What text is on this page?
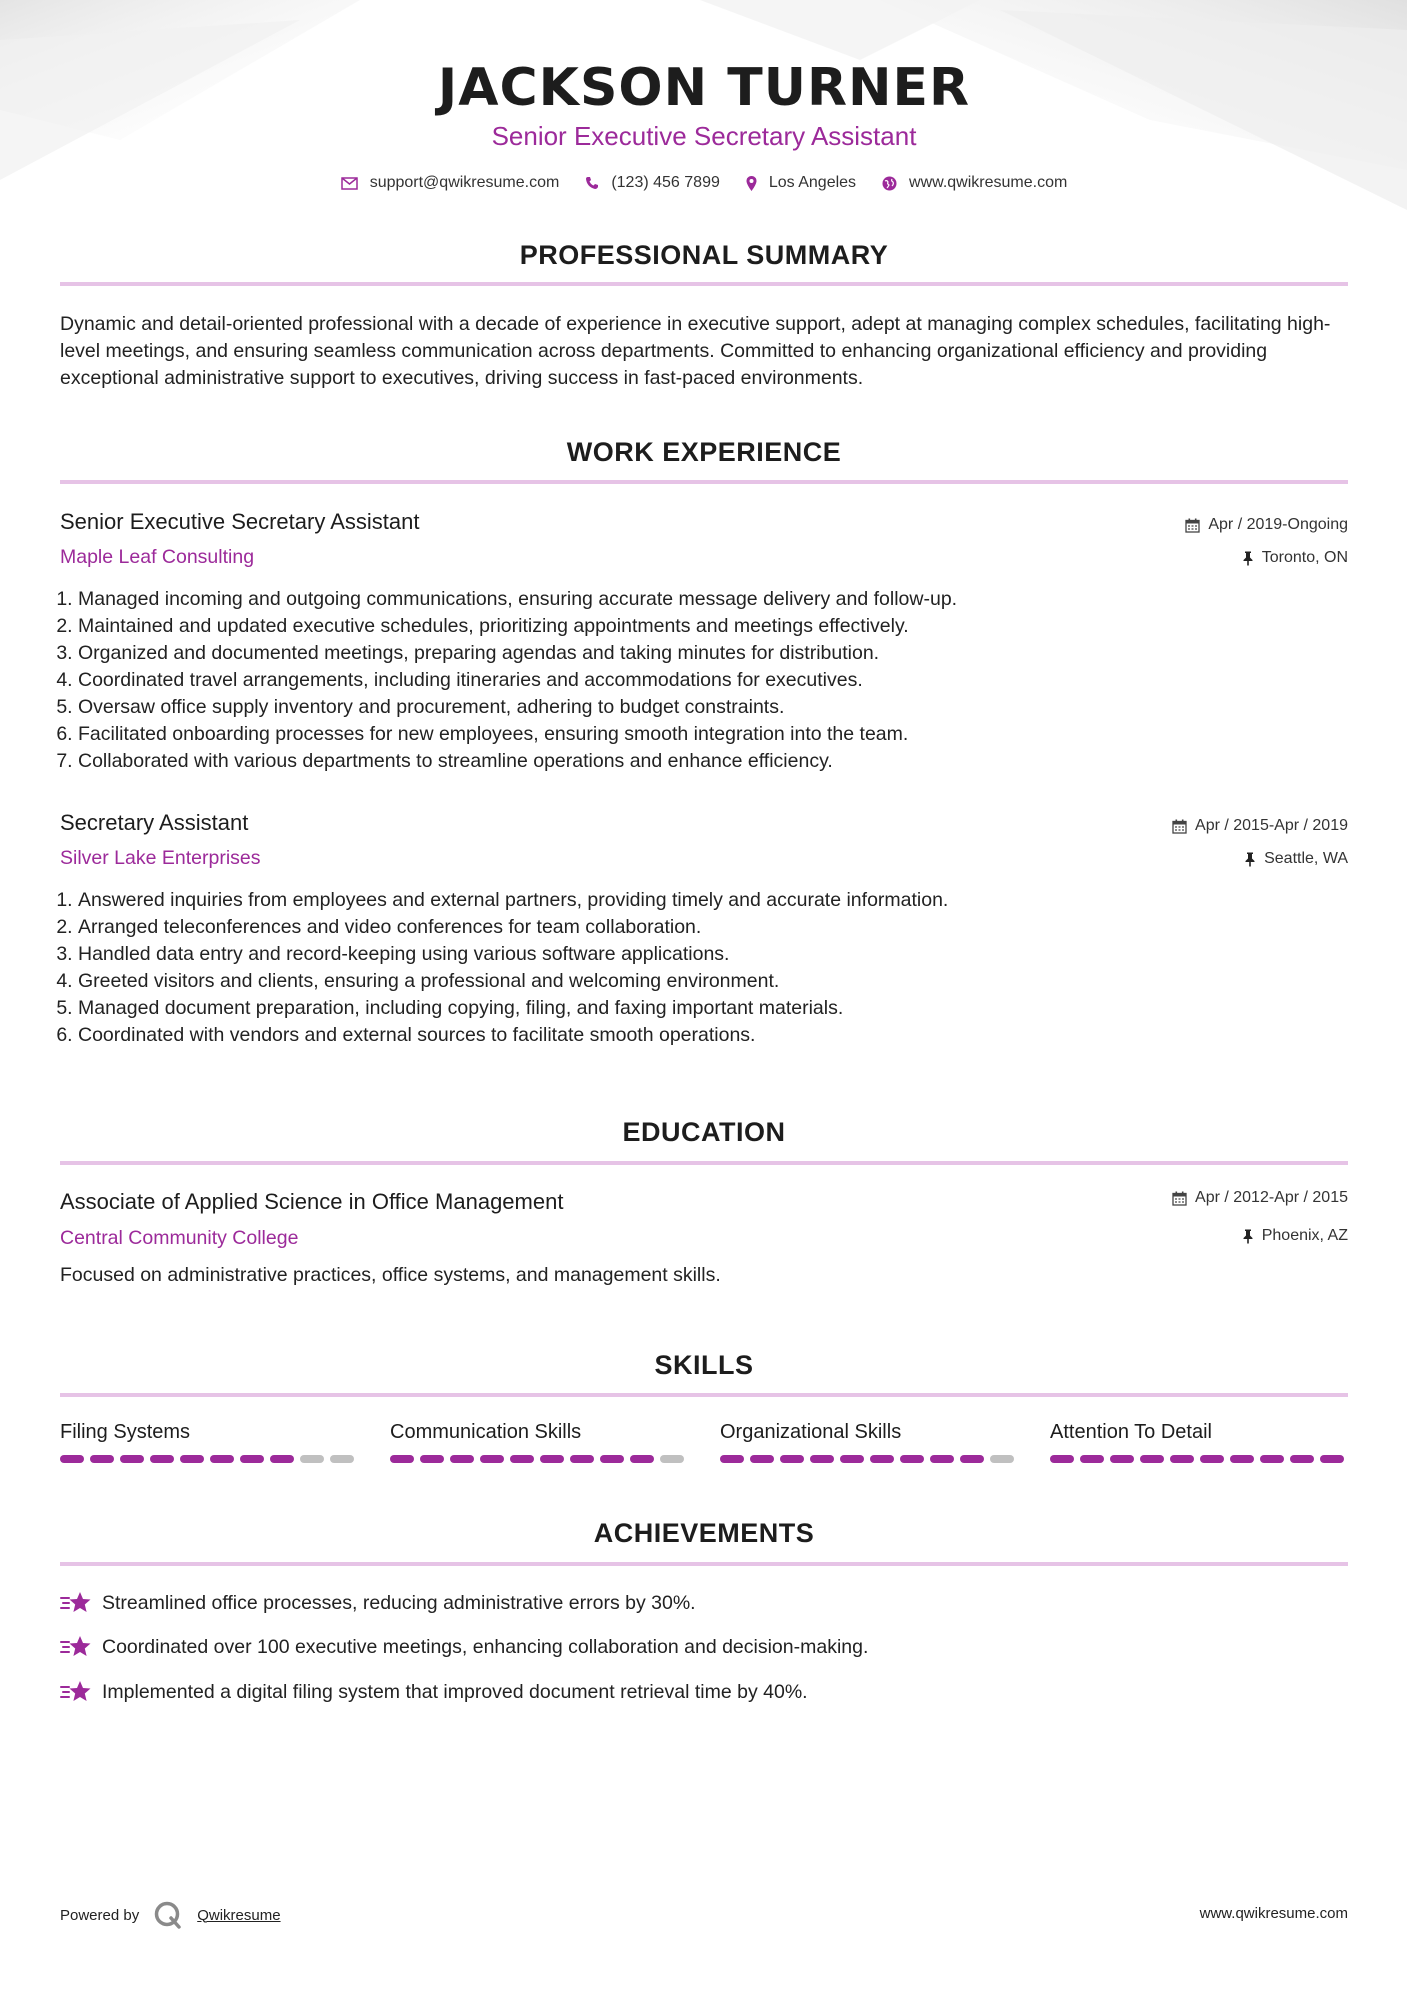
JACKSON TURNER
Senior Executive Secretary Assistant
support@qwikresume.com	(123) 456 7899	Los Angeles	www.qwikresume.com
PROFESSIONAL SUMMARY
Dynamic and detail-oriented professional with a decade of experience in executive support, adept at managing complex schedules, facilitating high-level meetings, and ensuring seamless communication across departments. Committed to enhancing organizational efficiency and providing exceptional administrative support to executives, driving success in fast-paced environments.
WORK EXPERIENCE
Senior Executive Secretary Assistant	Apr / 2019-Ongoing
Maple Leaf Consulting	Toronto, ON
1. Managed incoming and outgoing communications, ensuring accurate message delivery and follow-up.
2. Maintained and updated executive schedules, prioritizing appointments and meetings effectively.
3. Organized and documented meetings, preparing agendas and taking minutes for distribution.
4. Coordinated travel arrangements, including itineraries and accommodations for executives.
5. Oversaw office supply inventory and procurement, adhering to budget constraints.
6. Facilitated onboarding processes for new employees, ensuring smooth integration into the team.
7. Collaborated with various departments to streamline operations and enhance efficiency.
Secretary Assistant	Apr / 2015-Apr / 2019
Silver Lake Enterprises	Seattle, WA
1. Answered inquiries from employees and external partners, providing timely and accurate information.
2. Arranged teleconferences and video conferences for team collaboration.
3. Handled data entry and record-keeping using various software applications.
4. Greeted visitors and clients, ensuring a professional and welcoming environment.
5. Managed document preparation, including copying, filing, and faxing important materials.
6. Coordinated with vendors and external sources to facilitate smooth operations.
EDUCATION
Associate of Applied Science in Office Management	Apr / 2012-Apr / 2015
Central Community College	Phoenix, AZ
Focused on administrative practices, office systems, and management skills.
SKILLS
Filing Systems	Communication Skills	Organizational Skills	Attention To Detail
ACHIEVEMENTS
Streamlined office processes, reducing administrative errors by 30%.
Coordinated over 100 executive meetings, enhancing collaboration and decision-making.
Implemented a digital filing system that improved document retrieval time by 40%.
Powered by	Qwikresume	www.qwikresume.com
